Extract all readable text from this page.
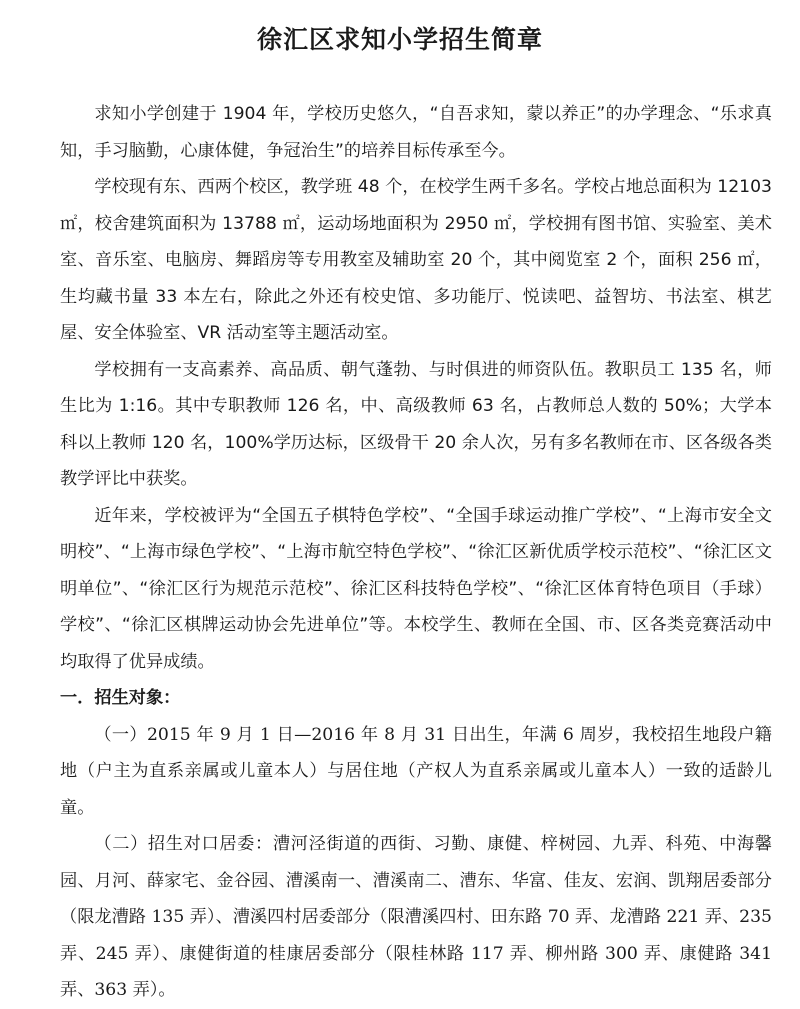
徐汇区求知小学招生简章

求知小学创建于 1904 年，学校历史悠久，“自吾求知，蒙以养正”的办学理念、“乐求真知，手习脑勤，心康体健，争冠治生”的培养目标传承至今。

学校现有东、西两个校区，教学班 48 个，在校学生两千多名。学校占地总面积为 12103 ㎡，校舍建筑面积为 13788 ㎡，运动场地面积为 2950 ㎡，学校拥有图书馆、实验室、美术室、音乐室、电脑房、舞蹈房等专用教室及辅助室 20 个，其中阅览室 2 个，面积 256 ㎡，生均藏书量 33 本左右，除此之外还有校史馆、多功能厅、悦读吧、益智坊、书法室、棋艺屋、安全体验室、VR 活动室等主题活动室。

学校拥有一支高素养、高品质、朝气蓬勃、与时俱进的师资队伍。教职员工 135 名，师生比为 1:16。其中专职教师 126 名，中、高级教师 63 名，占教师总人数的 50%；大学本科以上教师 120 名，100%学历达标，区级骨干 20 余人次，另有多名教师在市、区各级各类教学评比中获奖。

近年来，学校被评为“全国五子棋特色学校”、“全国手球运动推广学校”、“上海市安全文明校”、“上海市绿色学校”、“上海市航空特色学校”、“徐汇区新优质学校示范校”、“徐汇区文明单位”、“徐汇区行为规范示范校”、徐汇区科技特色学校”、“徐汇区体育特色项目（手球）学校”、“徐汇区棋牌运动协会先进单位”等。本校学生、教师在全国、市、区各类竞赛活动中均取得了优异成绩。

一．招生对象：

（一）2015 年 9 月 1 日—2016 年 8 月 31 日出生，年满 6 周岁，我校招生地段户籍地（户主为直系亲属或儿童本人）与居住地（产权人为直系亲属或儿童本人）一致的适龄儿童。

（二）招生对口居委：漕河泾街道的西街、习勤、康健、梓树园、九弄、科苑、中海馨园、月河、薛家宅、金谷园、漕溪南一、漕溪南二、漕东、华富、佳友、宏润、凯翔居委部分（限龙漕路 135 弄）、漕溪四村居委部分（限漕溪四村、田东路 70 弄、龙漕路 221 弄、235 弄、245 弄）、康健街道的桂康居委部分（限桂林路 117 弄、柳州路 300 弄、康健路 341 弄、363 弄）。
